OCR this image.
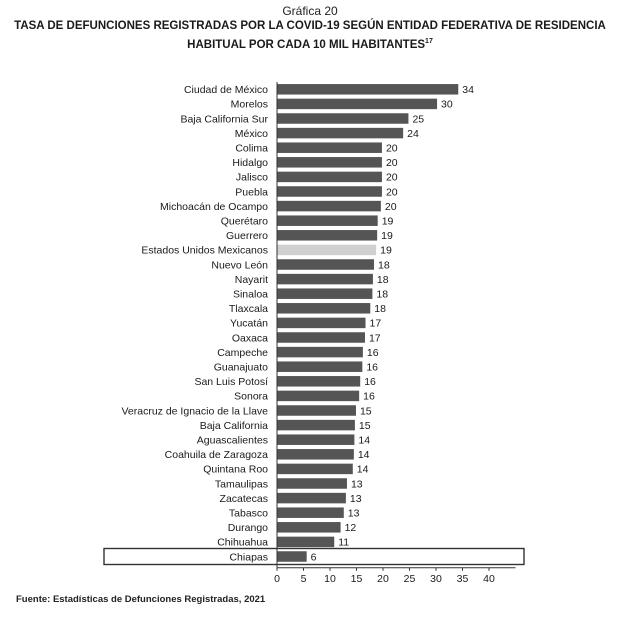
Gráfica 20
TASA DE DEFUNCIONES REGISTRADAS POR LA COVID-19 SEGÚN ENTIDAD FEDERATIVA DE RESIDENCIA HABITUAL POR CADA 10 MIL HABITANTES$^{17}$
Ciudad de México	34
Morelos	30
Baja California Sur	25
México	24
Colima	20
Hidalgo	20
Jalisco	20
Puebla	20
Michoacán de Ocampo	20
Querétaro	19
Guerrero	19
Estados Unidos Mexicanos	19
Nuevo León	18
Nayarit	18
Sinaloa	18
Tlaxcala	18
Yucatán	17
Oaxaca	17
Campeche	16
Guanajuato	16
San Luis Potosí	16
Sonora	16
Veracruz de Ignacio de la Llave	15
Baja California	15
Aguascalientes	14
Coahuila de Zaragoza	14
Quintana Roo	14
Tamaulipas	13
Zacatecas	13
Tabasco	13
Durango	12
Chihuahua	11
Chiapas	6
0 5 10 15 20 25 30 35 40
Fuente: Estadísticas de Defunciones Registradas, 2021
